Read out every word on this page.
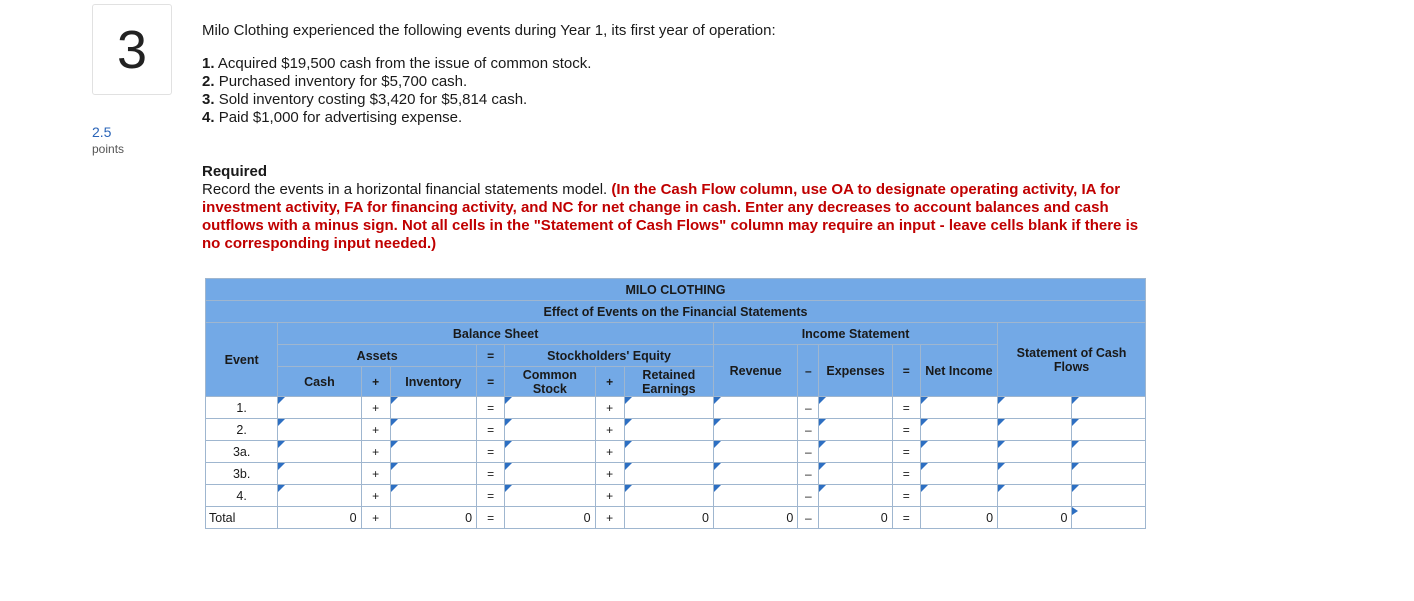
3
2.5
points

Milo Clothing experienced the following events during Year 1, its first year of operation:

1. Acquired $19,500 cash from the issue of common stock.
2. Purchased inventory for $5,700 cash.
3. Sold inventory costing $3,420 for $5,814 cash.
4. Paid $1,000 for advertising expense.
Required
Record the events in a horizontal financial statements model. (In the Cash Flow column, use OA to designate operating activity, IA for investment activity, FA for financing activity, and NC for net change in cash. Enter any decreases to account balances and cash outflows with a minus sign. Not all cells in the "Statement of Cash Flows" column may require an input - leave cells blank if there is no corresponding input needed.)
MILO CLOTHING														
Effect of Events on the Financial Statements														
Event	Balance Sheet							Income Statement					Statement of Cash Flows	
	Assets			=	Stockholders' Equity			Revenue	–	Expenses	=	Net Income		
	Cash	+	Inventory	=	Common Stock	+	Retained Earnings							
1.		+		=		+			–		=	

2.		+		=		+			–		=	

3a.		+		=		+			–		=	

3b.		+		=		+			–		=	

4.		+		=		+			–		=	

Total	0	+	0	=	0	+	0	0	–	0	=	0	0	
